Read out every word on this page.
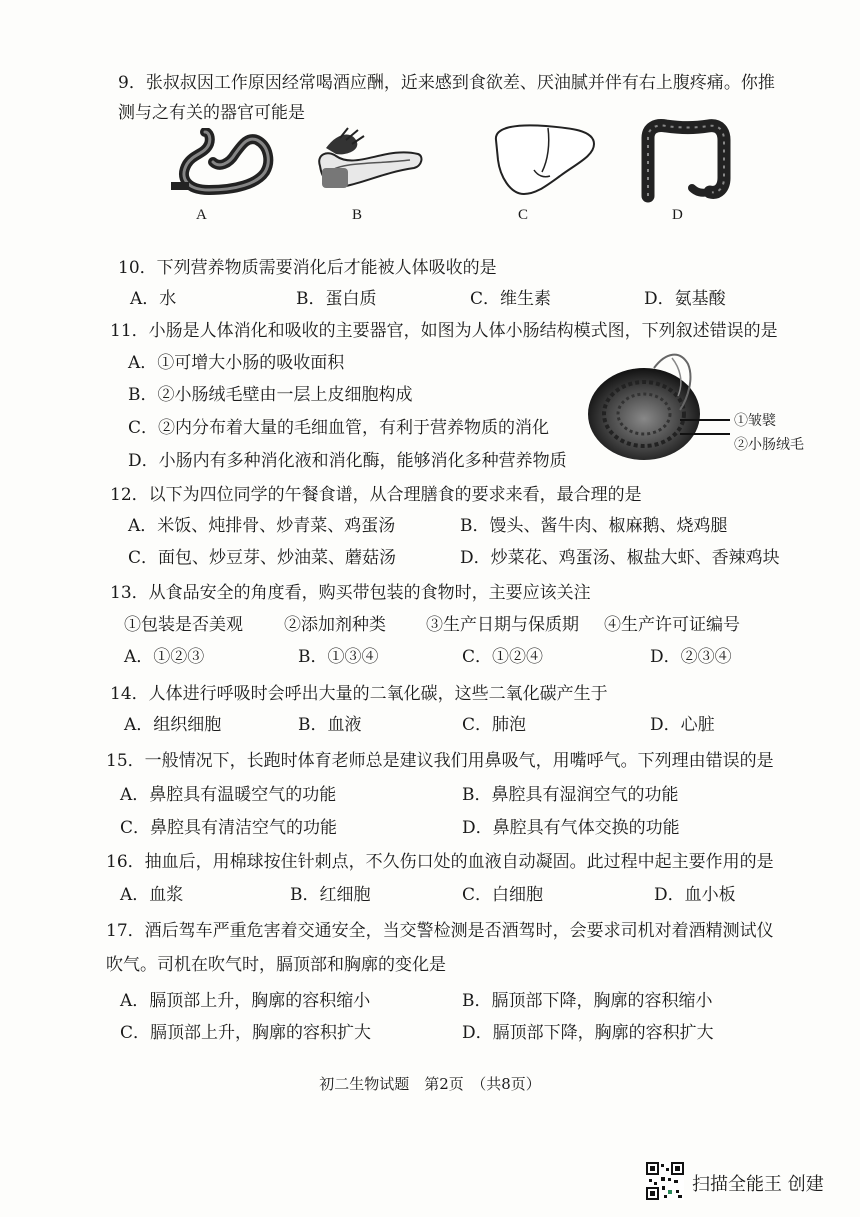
9．张叔叔因工作原因经常喝酒应酬，近来感到食欲差、厌油腻并伴有右上腹疼痛。你推
测与之有关的器官可能是
A	B	C	D
10．下列营养物质需要消化后才能被人体吸收的是
A．水	B．蛋白质	C．维生素	D．氨基酸
11．小肠是人体消化和吸收的主要器官，如图为人体小肠结构模式图，下列叙述错误的是
A．①可增大小肠的吸收面积
B．②小肠绒毛壁由一层上皮细胞构成
C．②内分布着大量的毛细血管，有利于营养物质的消化
D．小肠内有多种消化液和消化酶，能够消化多种营养物质
①皱襞
②小肠绒毛
12．以下为四位同学的午餐食谱，从合理膳食的要求来看，最合理的是
A．米饭、炖排骨、炒青菜、鸡蛋汤	B．馒头、酱牛肉、椒麻鹅、烧鸡腿
C．面包、炒豆芽、炒油菜、蘑菇汤	D．炒菜花、鸡蛋汤、椒盐大虾、香辣鸡块
13．从食品安全的角度看，购买带包装的食物时，主要应该关注
①包装是否美观 ②添加剂种类 ③生产日期与保质期 ④生产许可证编号
A．①②③	B．①③④	C．①②④	D．②③④
14．人体进行呼吸时会呼出大量的二氧化碳，这些二氧化碳产生于
A．组织细胞	B．血液	C．肺泡	D．心脏
15．一般情况下，长跑时体育老师总是建议我们用鼻吸气，用嘴呼气。下列理由错误的是
A．鼻腔具有温暖空气的功能	B．鼻腔具有湿润空气的功能
C．鼻腔具有清洁空气的功能	D．鼻腔具有气体交换的功能
16．抽血后，用棉球按住针刺点，不久伤口处的血液自动凝固。此过程中起主要作用的是
A．血浆	B．红细胞	C．白细胞	D．血小板
17．酒后驾车严重危害着交通安全，当交警检测是否酒驾时，会要求司机对着酒精测试仪
吹气。司机在吹气时，膈顶部和胸廓的变化是
A．膈顶部上升，胸廓的容积缩小	B．膈顶部下降，胸廓的容积缩小
C．膈顶部上升，胸廓的容积扩大	D．膈顶部下降，胸廓的容积扩大
初二生物试题　第2页　（共8页）
扫描全能王 创建
